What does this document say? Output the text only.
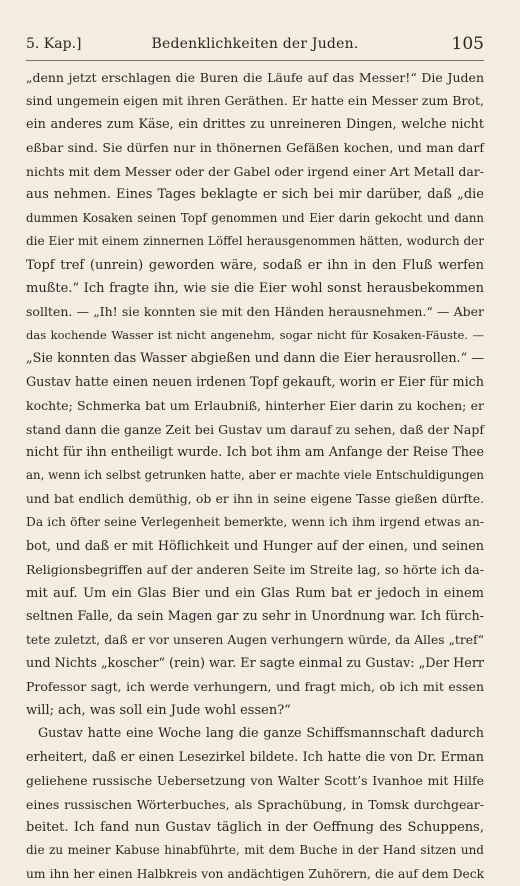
5. Kap.]	Bedenklichkeiten der Juden.	105
„denn jetzt erschlagen die Buren die Läufe auf das Messer!“ Die Juden
sind ungemein eigen mit ihren Geräthen. Er hatte ein Messer zum Brot,
ein anderes zum Käse, ein drittes zu unreineren Dingen, welche nicht
eßbar sind. Sie dürfen nur in thönernen Gefäßen kochen, und man darf
nichts mit dem Messer oder der Gabel oder irgend einer Art Metall dar-
aus nehmen. Eines Tages beklagte er sich bei mir darüber, daß „die
dummen Kosaken seinen Topf genommen und Eier darin gekocht und dann
die Eier mit einem zinnernen Löffel herausgenommen hätten, wodurch der
Topf tref (unrein) geworden wäre, sodaß er ihn in den Fluß werfen
mußte.“ Ich fragte ihn, wie sie die Eier wohl sonst herausbekommen
sollten. — „Ih! sie konnten sie mit den Händen herausnehmen.“ — Aber
das kochende Wasser ist nicht angenehm, sogar nicht für Kosaken-Fäuste. —
„Sie konnten das Wasser abgießen und dann die Eier herausrollen.“ —
Gustav hatte einen neuen irdenen Topf gekauft, worin er Eier für mich
kochte; Schmerka bat um Erlaubniß, hinterher Eier darin zu kochen; er
stand dann die ganze Zeit bei Gustav um darauf zu sehen, daß der Napf
nicht für ihn entheiligt wurde. Ich bot ihm am Anfange der Reise Thee
an, wenn ich selbst getrunken hatte, aber er machte viele Entschuldigungen
und bat endlich demüthig, ob er ihn in seine eigene Tasse gießen dürfte.
Da ich öfter seine Verlegenheit bemerkte, wenn ich ihm irgend etwas an-
bot, und daß er mit Höflichkeit und Hunger auf der einen, und seinen
Religionsbegriffen auf der anderen Seite im Streite lag, so hörte ich da-
mit auf. Um ein Glas Bier und ein Glas Rum bat er jedoch in einem
seltnen Falle, da sein Magen gar zu sehr in Unordnung war. Ich fürch-
tete zuletzt, daß er vor unseren Augen verhungern würde, da Alles „tref“
und Nichts „koscher“ (rein) war. Er sagte einmal zu Gustav: „Der Herr
Professor sagt, ich werde verhungern, und fragt mich, ob ich mit essen
will; ach, was soll ein Jude wohl essen?“
Gustav hatte eine Woche lang die ganze Schiffsmannschaft dadurch
erheitert, daß er einen Lesezirkel bildete. Ich hatte die von Dr. Erman
geliehene russische Uebersetzung von Walter Scott’s Ivanhoe mit Hilfe
eines russischen Wörterbuches, als Sprachübung, in Tomsk durchgear-
beitet. Ich fand nun Gustav täglich in der Oeffnung des Schuppens,
die zu meiner Kabuse hinabführte, mit dem Buche in der Hand sitzen und
um ihn her einen Halbkreis von andächtigen Zuhörern, die auf dem Deck
